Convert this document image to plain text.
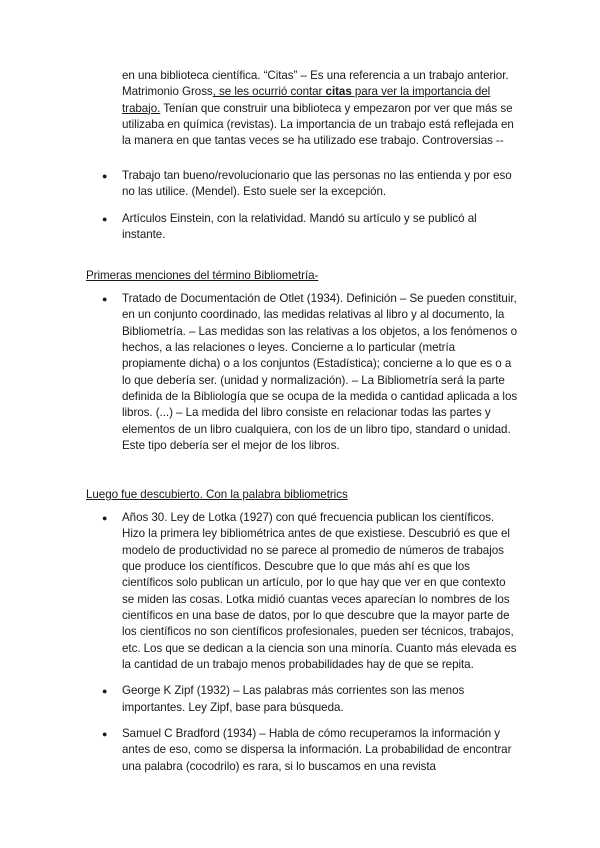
en una biblioteca científica. “Citas” – Es una referencia a un trabajo anterior. Matrimonio Gross, se les ocurrió contar citas para ver la importancia del trabajo. Tenían que construir una biblioteca y empezaron por ver que más se utilizaba en química (revistas). La importancia de un trabajo está reflejada en la manera en que tantas veces se ha utilizado ese trabajo. Controversias --

● Trabajo tan bueno/revolucionario que las personas no las entienda y por eso no las utilice. (Mendel). Esto suele ser la excepción.
● Artículos Einstein, con la relatividad. Mandó su artículo y se publicó al instante.

Primeras menciones del término Bibliometría-

● Tratado de Documentación de Otlet (1934). Definición – Se pueden constituir, en un conjunto coordinado, las medidas relativas al libro y al documento, la Bibliometría. – Las medidas son las relativas a los objetos, a los fenómenos o hechos, a las relaciones o leyes. Concierne a lo particular (metría propiamente dicha) o a los conjuntos (Estadística); concierne a lo que es o a lo que debería ser. (unidad y normalización). – La Bibliometría será la parte definida de la Bibliología que se ocupa de la medida o cantidad aplicada a los libros. (...) – La medida del libro consiste en relacionar todas las partes y elementos de un libro cualquiera, con los de un libro tipo, standard o unidad. Este tipo debería ser el mejor de los libros.

Luego fue descubierto. Con la palabra bibliometrics

● Años 30. Ley de Lotka (1927) con qué frecuencia publican los científicos. Hizo la primera ley bibliométrica antes de que existiese. Descubrió es que el modelo de productividad no se parece al promedio de números de trabajos que produce los científicos. Descubre que lo que más ahí es que los científicos solo publican un artículo, por lo que hay que ver en que contexto se miden las cosas. Lotka midió cuantas veces aparecían lo nombres de los científicos en una base de datos, por lo que descubre que la mayor parte de los científicos no son científicos profesionales, pueden ser técnicos, trabajos, etc. Los que se dedican a la ciencia son una minoría. Cuanto más elevada es la cantidad de un trabajo menos probabilidades hay de que se repita.
● George K Zipf (1932) – Las palabras más corrientes son las menos importantes. Ley Zipf, base para búsqueda.
● Samuel C Bradford (1934) – Habla de cómo recuperamos la información y antes de eso, como se dispersa la información. La probabilidad de encontrar una palabra (cocodrilo) es rara, si lo buscamos en una revista
